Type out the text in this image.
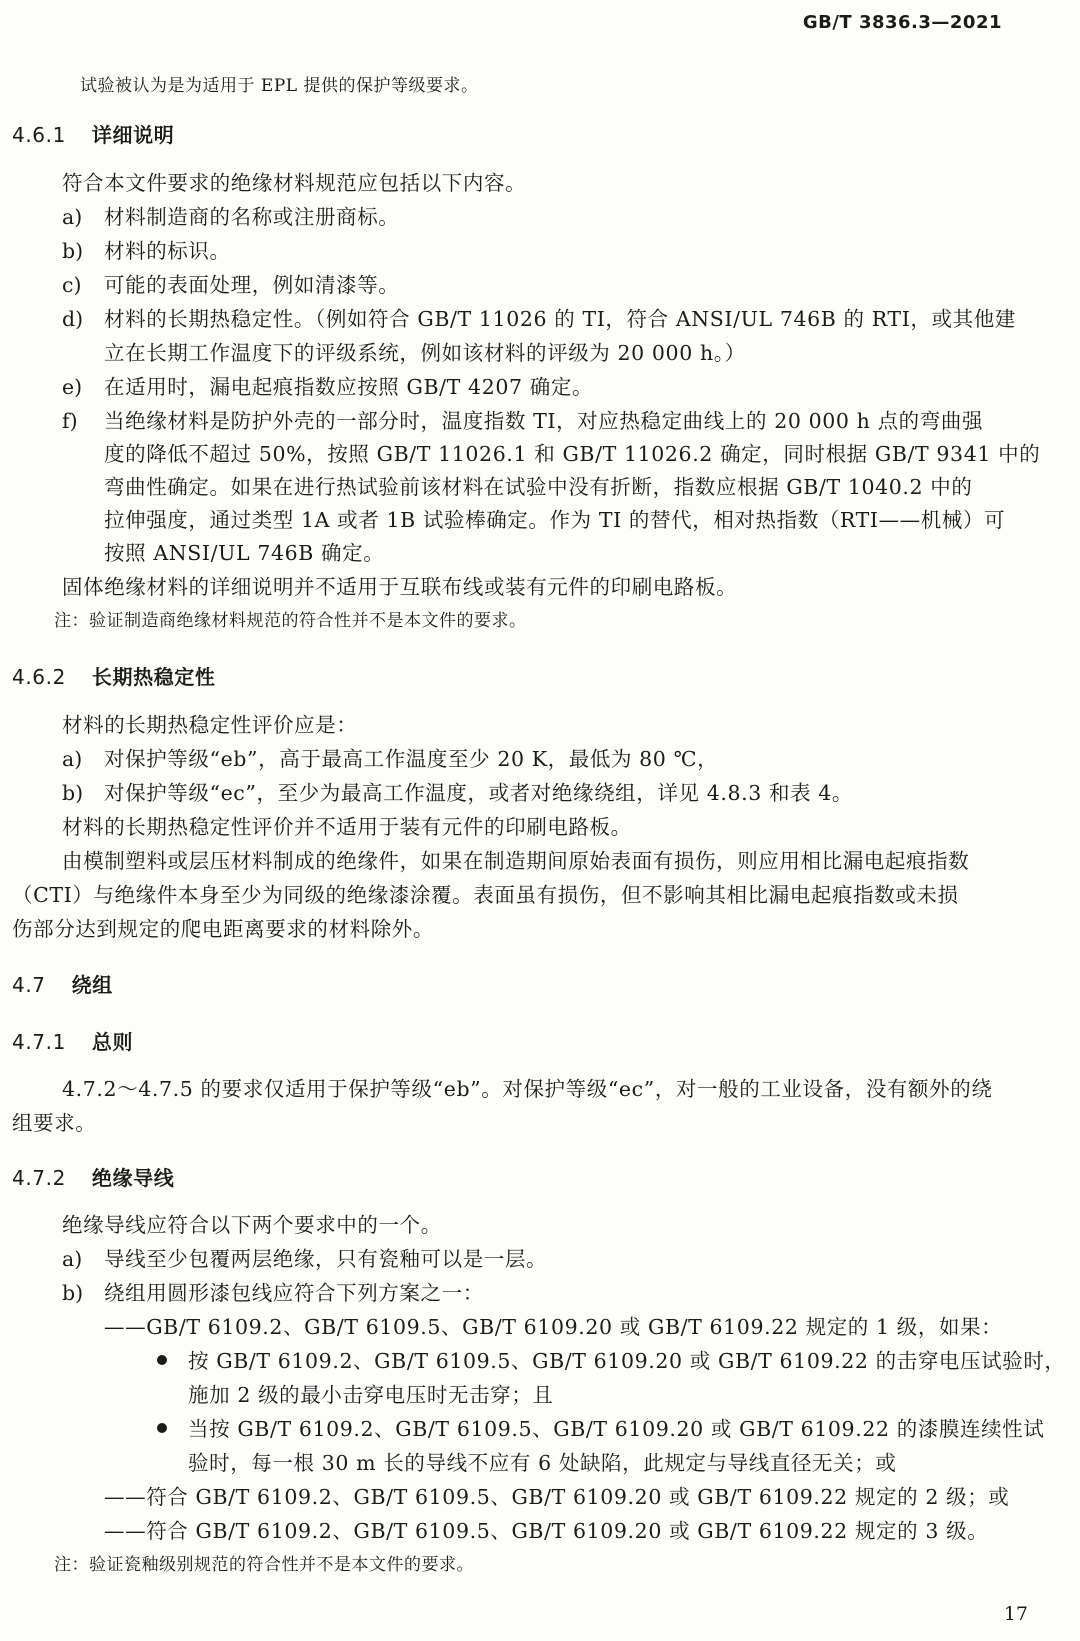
GB/T 3836.3—2021
试验被认为是为适用于 EPL 提供的保护等级要求。
4.6.1 详细说明
符合本文件要求的绝缘材料规范应包括以下内容。
a) 材料制造商的名称或注册商标。
b) 材料的标识。
c) 可能的表面处理，例如清漆等。
d) 材料的长期热稳定性。（例如符合 GB/T 11026 的 TI，符合 ANSI/UL 746B 的 RTI，或其他建
立在长期工作温度下的评级系统，例如该材料的评级为 20 000 h。）
e) 在适用时，漏电起痕指数应按照 GB/T 4207 确定。
f) 当绝缘材料是防护外壳的一部分时，温度指数 TI，对应热稳定曲线上的 20 000 h 点的弯曲强
度的降低不超过 50%，按照 GB/T 11026.1 和 GB/T 11026.2 确定，同时根据 GB/T 9341 中的
弯曲性确定。如果在进行热试验前该材料在试验中没有折断，指数应根据 GB/T 1040.2 中的
拉伸强度，通过类型 1A 或者 1B 试验棒确定。作为 TI 的替代，相对热指数（RTI——机械）可
按照 ANSI/UL 746B 确定。
固体绝缘材料的详细说明并不适用于互联布线或装有元件的印刷电路板。
注：验证制造商绝缘材料规范的符合性并不是本文件的要求。
4.6.2 长期热稳定性
材料的长期热稳定性评价应是：
a) 对保护等级“eb”，高于最高工作温度至少 20 K，最低为 80 ℃，
b) 对保护等级“ec”，至少为最高工作温度，或者对绝缘绕组，详见 4.8.3 和表 4。
材料的长期热稳定性评价并不适用于装有元件的印刷电路板。
由模制塑料或层压材料制成的绝缘件，如果在制造期间原始表面有损伤，则应用相比漏电起痕指数
（CTI）与绝缘件本身至少为同级的绝缘漆涂覆。表面虽有损伤，但不影响其相比漏电起痕指数或未损
伤部分达到规定的爬电距离要求的材料除外。
4.7 绕组
4.7.1 总则
4.7.2～4.7.5 的要求仅适用于保护等级“eb”。对保护等级“ec”，对一般的工业设备，没有额外的绕
组要求。
4.7.2 绝缘导线
绝缘导线应符合以下两个要求中的一个。
a) 导线至少包覆两层绝缘，只有瓷釉可以是一层。
b) 绕组用圆形漆包线应符合下列方案之一：
——GB/T 6109.2、GB/T 6109.5、GB/T 6109.20 或 GB/T 6109.22 规定的 1 级，如果：
按 GB/T 6109.2、GB/T 6109.5、GB/T 6109.20 或 GB/T 6109.22 的击穿电压试验时，
施加 2 级的最小击穿电压时无击穿；且
当按 GB/T 6109.2、GB/T 6109.5、GB/T 6109.20 或 GB/T 6109.22 的漆膜连续性试
验时，每一根 30 m 长的导线不应有 6 处缺陷，此规定与导线直径无关；或
——符合 GB/T 6109.2、GB/T 6109.5、GB/T 6109.20 或 GB/T 6109.22 规定的 2 级；或
——符合 GB/T 6109.2、GB/T 6109.5、GB/T 6109.20 或 GB/T 6109.22 规定的 3 级。
注：验证瓷釉级别规范的符合性并不是本文件的要求。
17
